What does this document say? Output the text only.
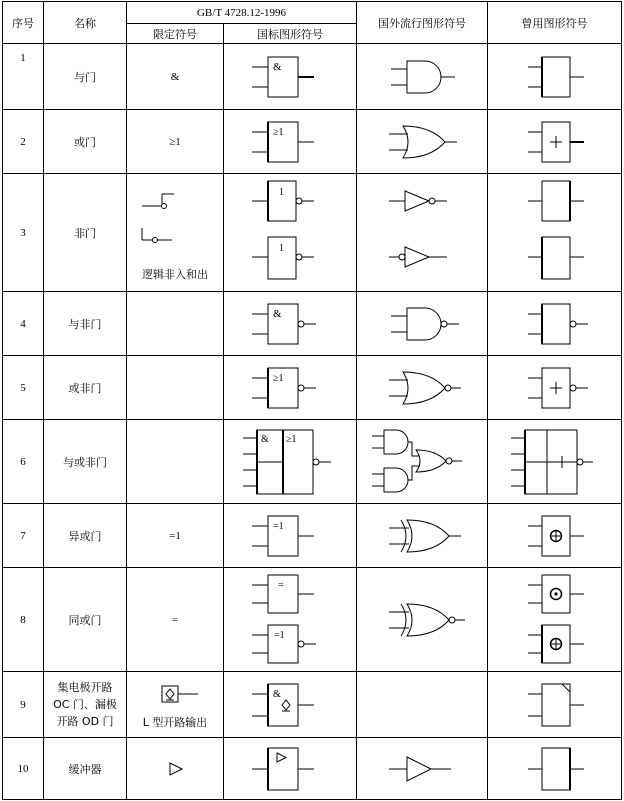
序号	名称	GB/T 4728.12-1996		国外流行图形符号	曾用图形符号
		限定符号	国标图形符号		
1	与门	&	&

2	或门	≥1	≥1

3	非门	逻辑非入和出	1
1

4	与非门		&

5	或非门		≥1

6	与或非门		& ≥1

7	异或门	=1	=1

8	同或门	=	=
=1

9	集电极开路
OC 门、漏极
开路 OD 门	L 型开路输出	&

10	缓冲器	
